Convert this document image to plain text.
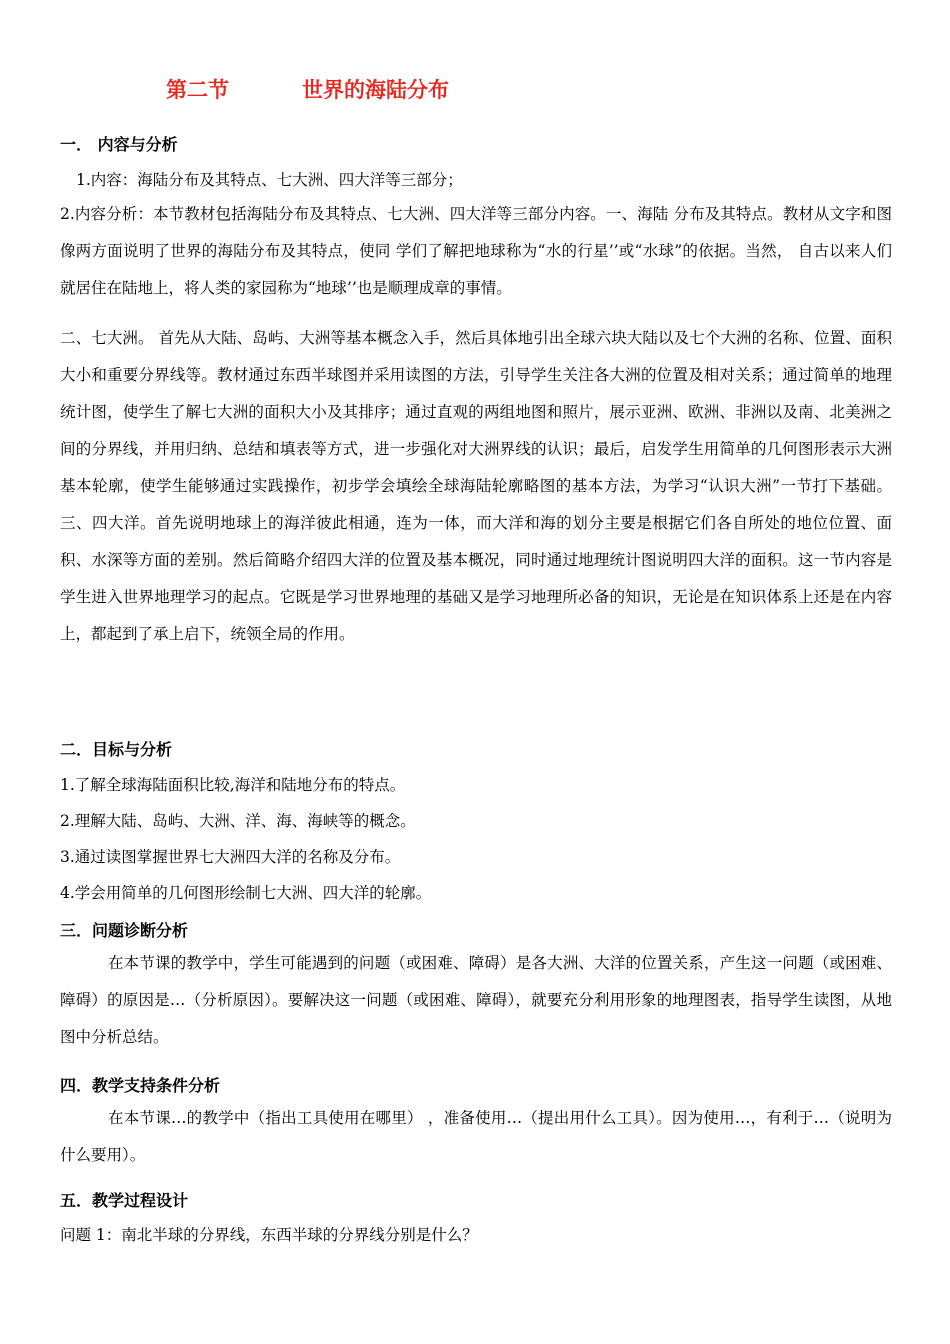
第二节	世界的海陆分布
一． 内容与分析
1.内容：海陆分布及其特点、七大洲、四大洋等三部分；
2.内容分析：本节教材包括海陆分布及其特点、七大洲、四大洋等三部分内容。一、海陆 分布及其特点。教材从文字和图像两方面说明了世界的海陆分布及其特点，使同 学们了解把地球称为“水的行星’’或“水球”的依据。当然， 自古以来人们就居住在陆地上，将人类的家园称为“地球’’也是顺理成章的事情。
二、七大洲。 首先从大陆、岛屿、大洲等基本概念入手，然后具体地引出全球六块大陆以及七个大洲的名称、位置、面积大小和重要分界线等。教材通过东西半球图并采用读图的方法，引导学生关注各大洲的位置及相对关系；通过简单的地理统计图，使学生了解七大洲的面积大小及其排序；通过直观的两组地图和照片，展示亚洲、欧洲、非洲以及南、北美洲之间的分界线，并用归纳、总结和填表等方式，进一步强化对大洲界线的认识；最后，启发学生用简单的几何图形表示大洲基本轮廓，使学生能够通过实践操作，初步学会填绘全球海陆轮廓略图的基本方法，为学习“认识大洲”一节打下基础。三、四大洋。首先说明地球上的海洋彼此相通，连为一体，而大洋和海的划分主要是根据它们各自所处的地位位置、面积、水深等方面的差别。然后简略介绍四大洋的位置及基本概况，同时通过地理统计图说明四大洋的面积。这一节内容是学生进入世界地理学习的起点。它既是学习世界地理的基础又是学习地理所必备的知识，无论是在知识体系上还是在内容上，都起到了承上启下，统领全局的作用。
二．目标与分析
1.了解全球海陆面积比较,海洋和陆地分布的特点。
2.理解大陆、岛屿、大洲、洋、海、海峡等的概念。
3.通过读图掌握世界七大洲四大洋的名称及分布。
4.学会用简单的几何图形绘制七大洲、四大洋的轮廓。
三．问题诊断分析
在本节课的教学中，学生可能遇到的问题（或困难、障碍）是各大洲、大洋的位置关系，产生这一问题（或困难、障碍）的原因是…（分析原因）。要解决这一问题（或困难、障碍），就要充分利用形象的地理图表，指导学生读图，从地图中分析总结。
四．教学支持条件分析
在本节课…的教学中（指出工具使用在哪里） ，准备使用…（提出用什么工具）。因为使用…，有利于…（说明为什么要用）。
五．教学过程设计
问题 1：南北半球的分界线，东西半球的分界线分别是什么？
